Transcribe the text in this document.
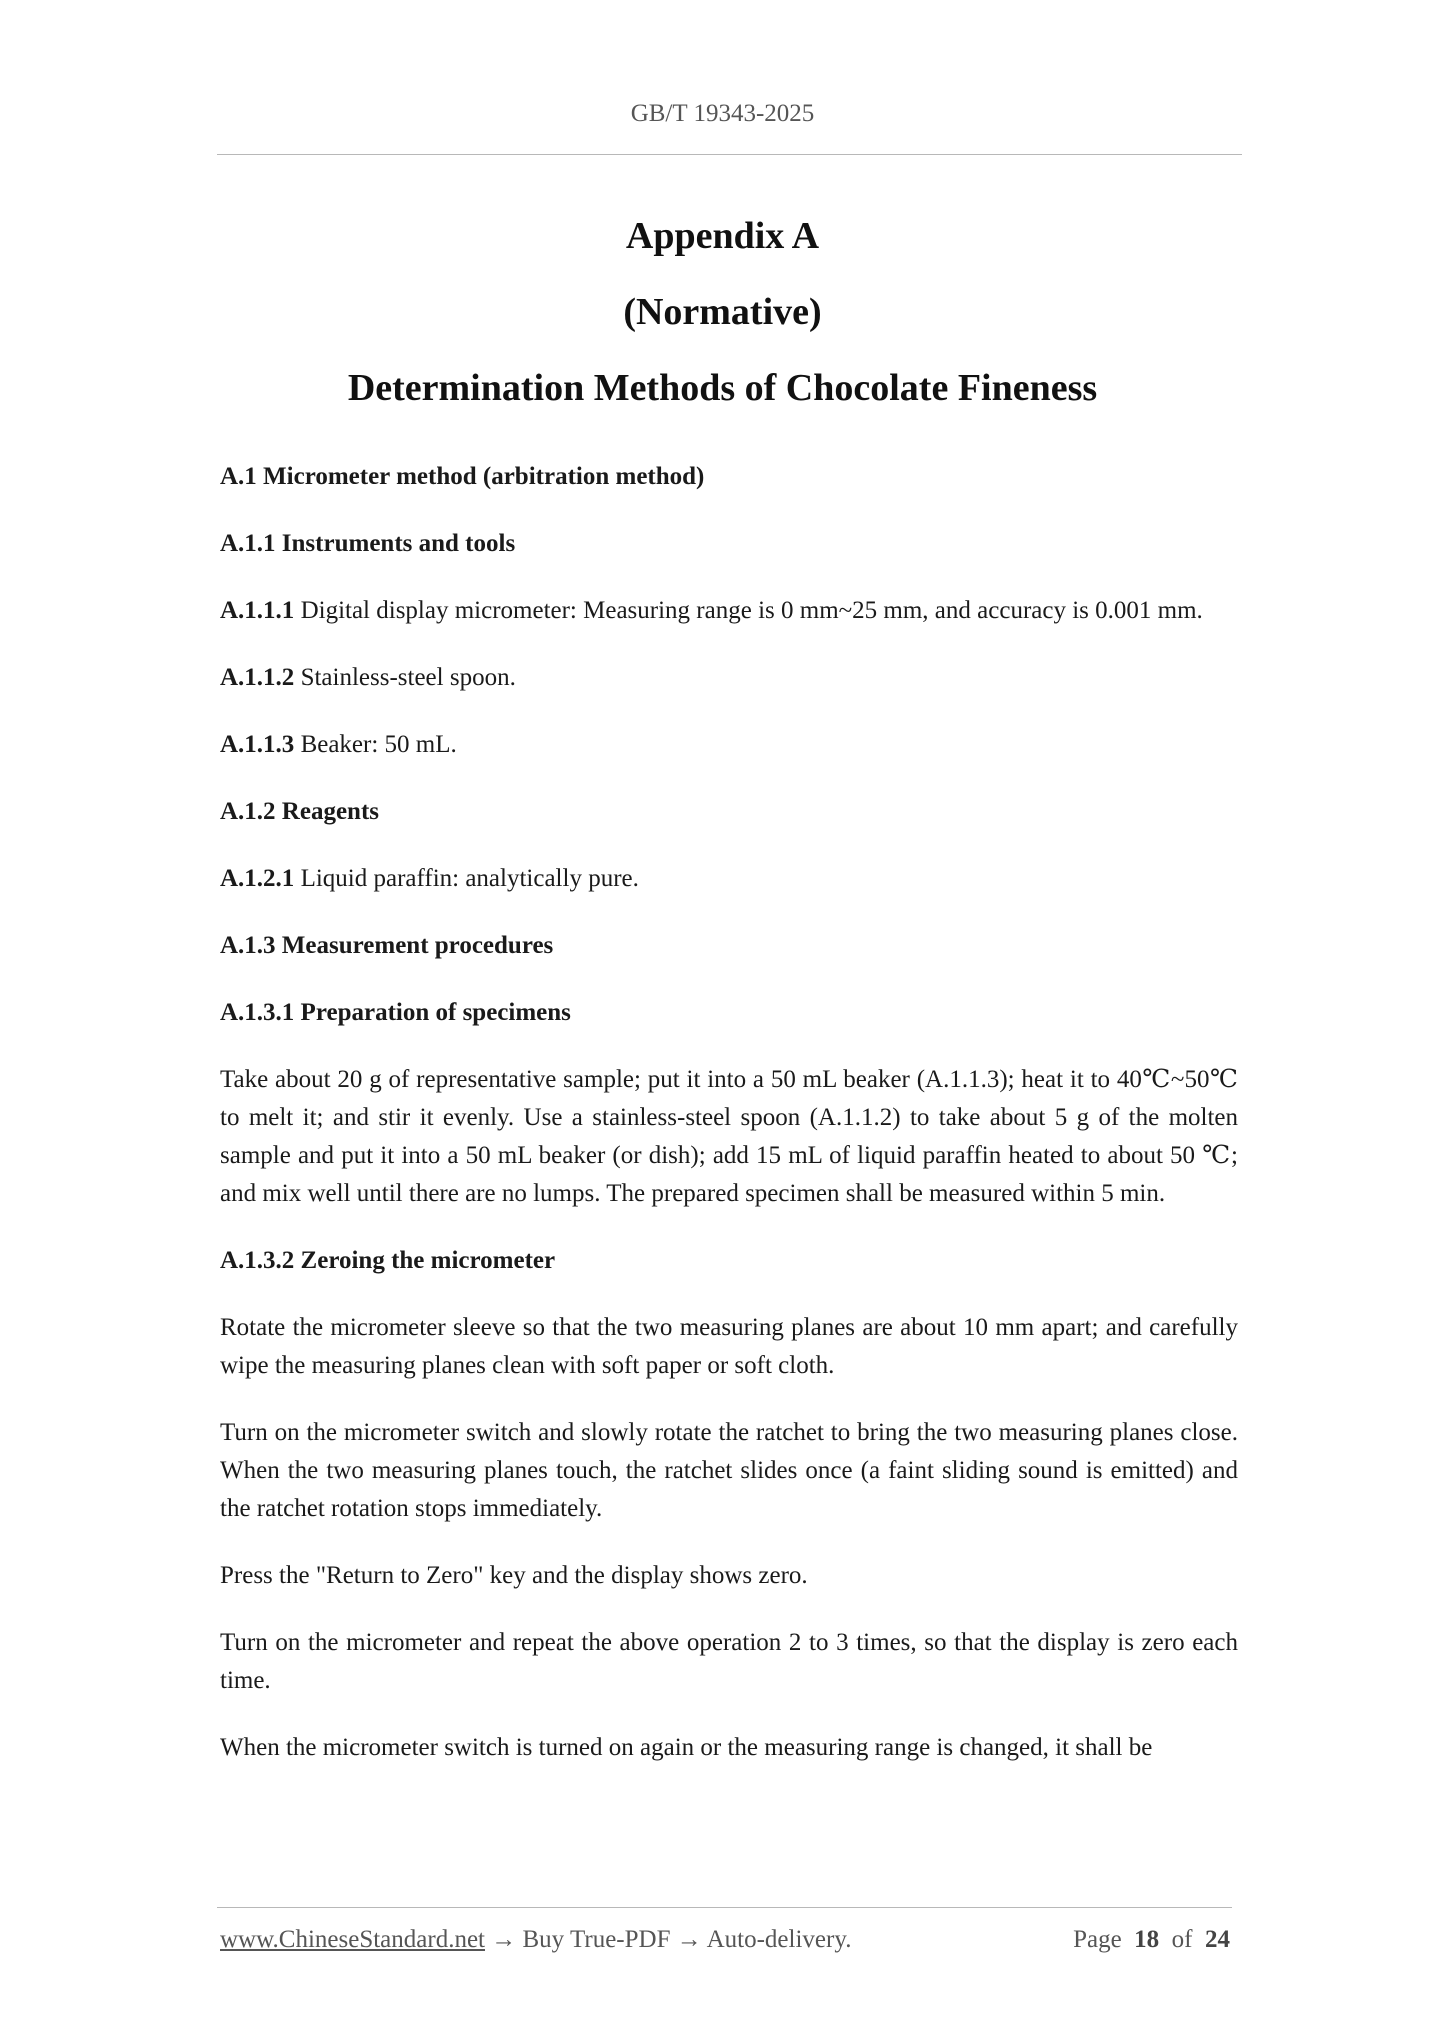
GB/T 19343-2025
Appendix A
(Normative)
Determination Methods of Chocolate Fineness
A.1 Micrometer method (arbitration method)
A.1.1 Instruments and tools

A.1.1.1 Digital display micrometer: Measuring range is 0 mm~25 mm, and accuracy is 0.001 mm.

A.1.1.2 Stainless-steel spoon.

A.1.1.3 Beaker: 50 mL.

A.1.2 Reagents

A.1.2.1 Liquid paraffin: analytically pure.

A.1.3 Measurement procedures
A.1.3.1 Preparation of specimens

Take about 20 g of representative sample; put it into a 50 mL beaker (A.1.1.3); heat it to 40℃~50℃ to melt it; and stir it evenly. Use a stainless-steel spoon (A.1.1.2) to take about 5 g of the molten sample and put it into a 50 mL beaker (or dish); add 15 mL of liquid paraffin heated to about 50 ℃; and mix well until there are no lumps. The prepared specimen shall be measured within 5 min.

A.1.3.2 Zeroing the micrometer

Rotate the micrometer sleeve so that the two measuring planes are about 10 mm apart; and carefully wipe the measuring planes clean with soft paper or soft cloth.

Turn on the micrometer switch and slowly rotate the ratchet to bring the two measuring planes close. When the two measuring planes touch, the ratchet slides once (a faint sliding sound is emitted) and the ratchet rotation stops immediately.

Press the "Return to Zero" key and the display shows zero.

Turn on the micrometer and repeat the above operation 2 to 3 times, so that the display is zero each time.

When the micrometer switch is turned on again or the measuring range is changed, it shall be

www.ChineseStandard.net → Buy True-PDF → Auto-delivery.	Page 18 of 24
